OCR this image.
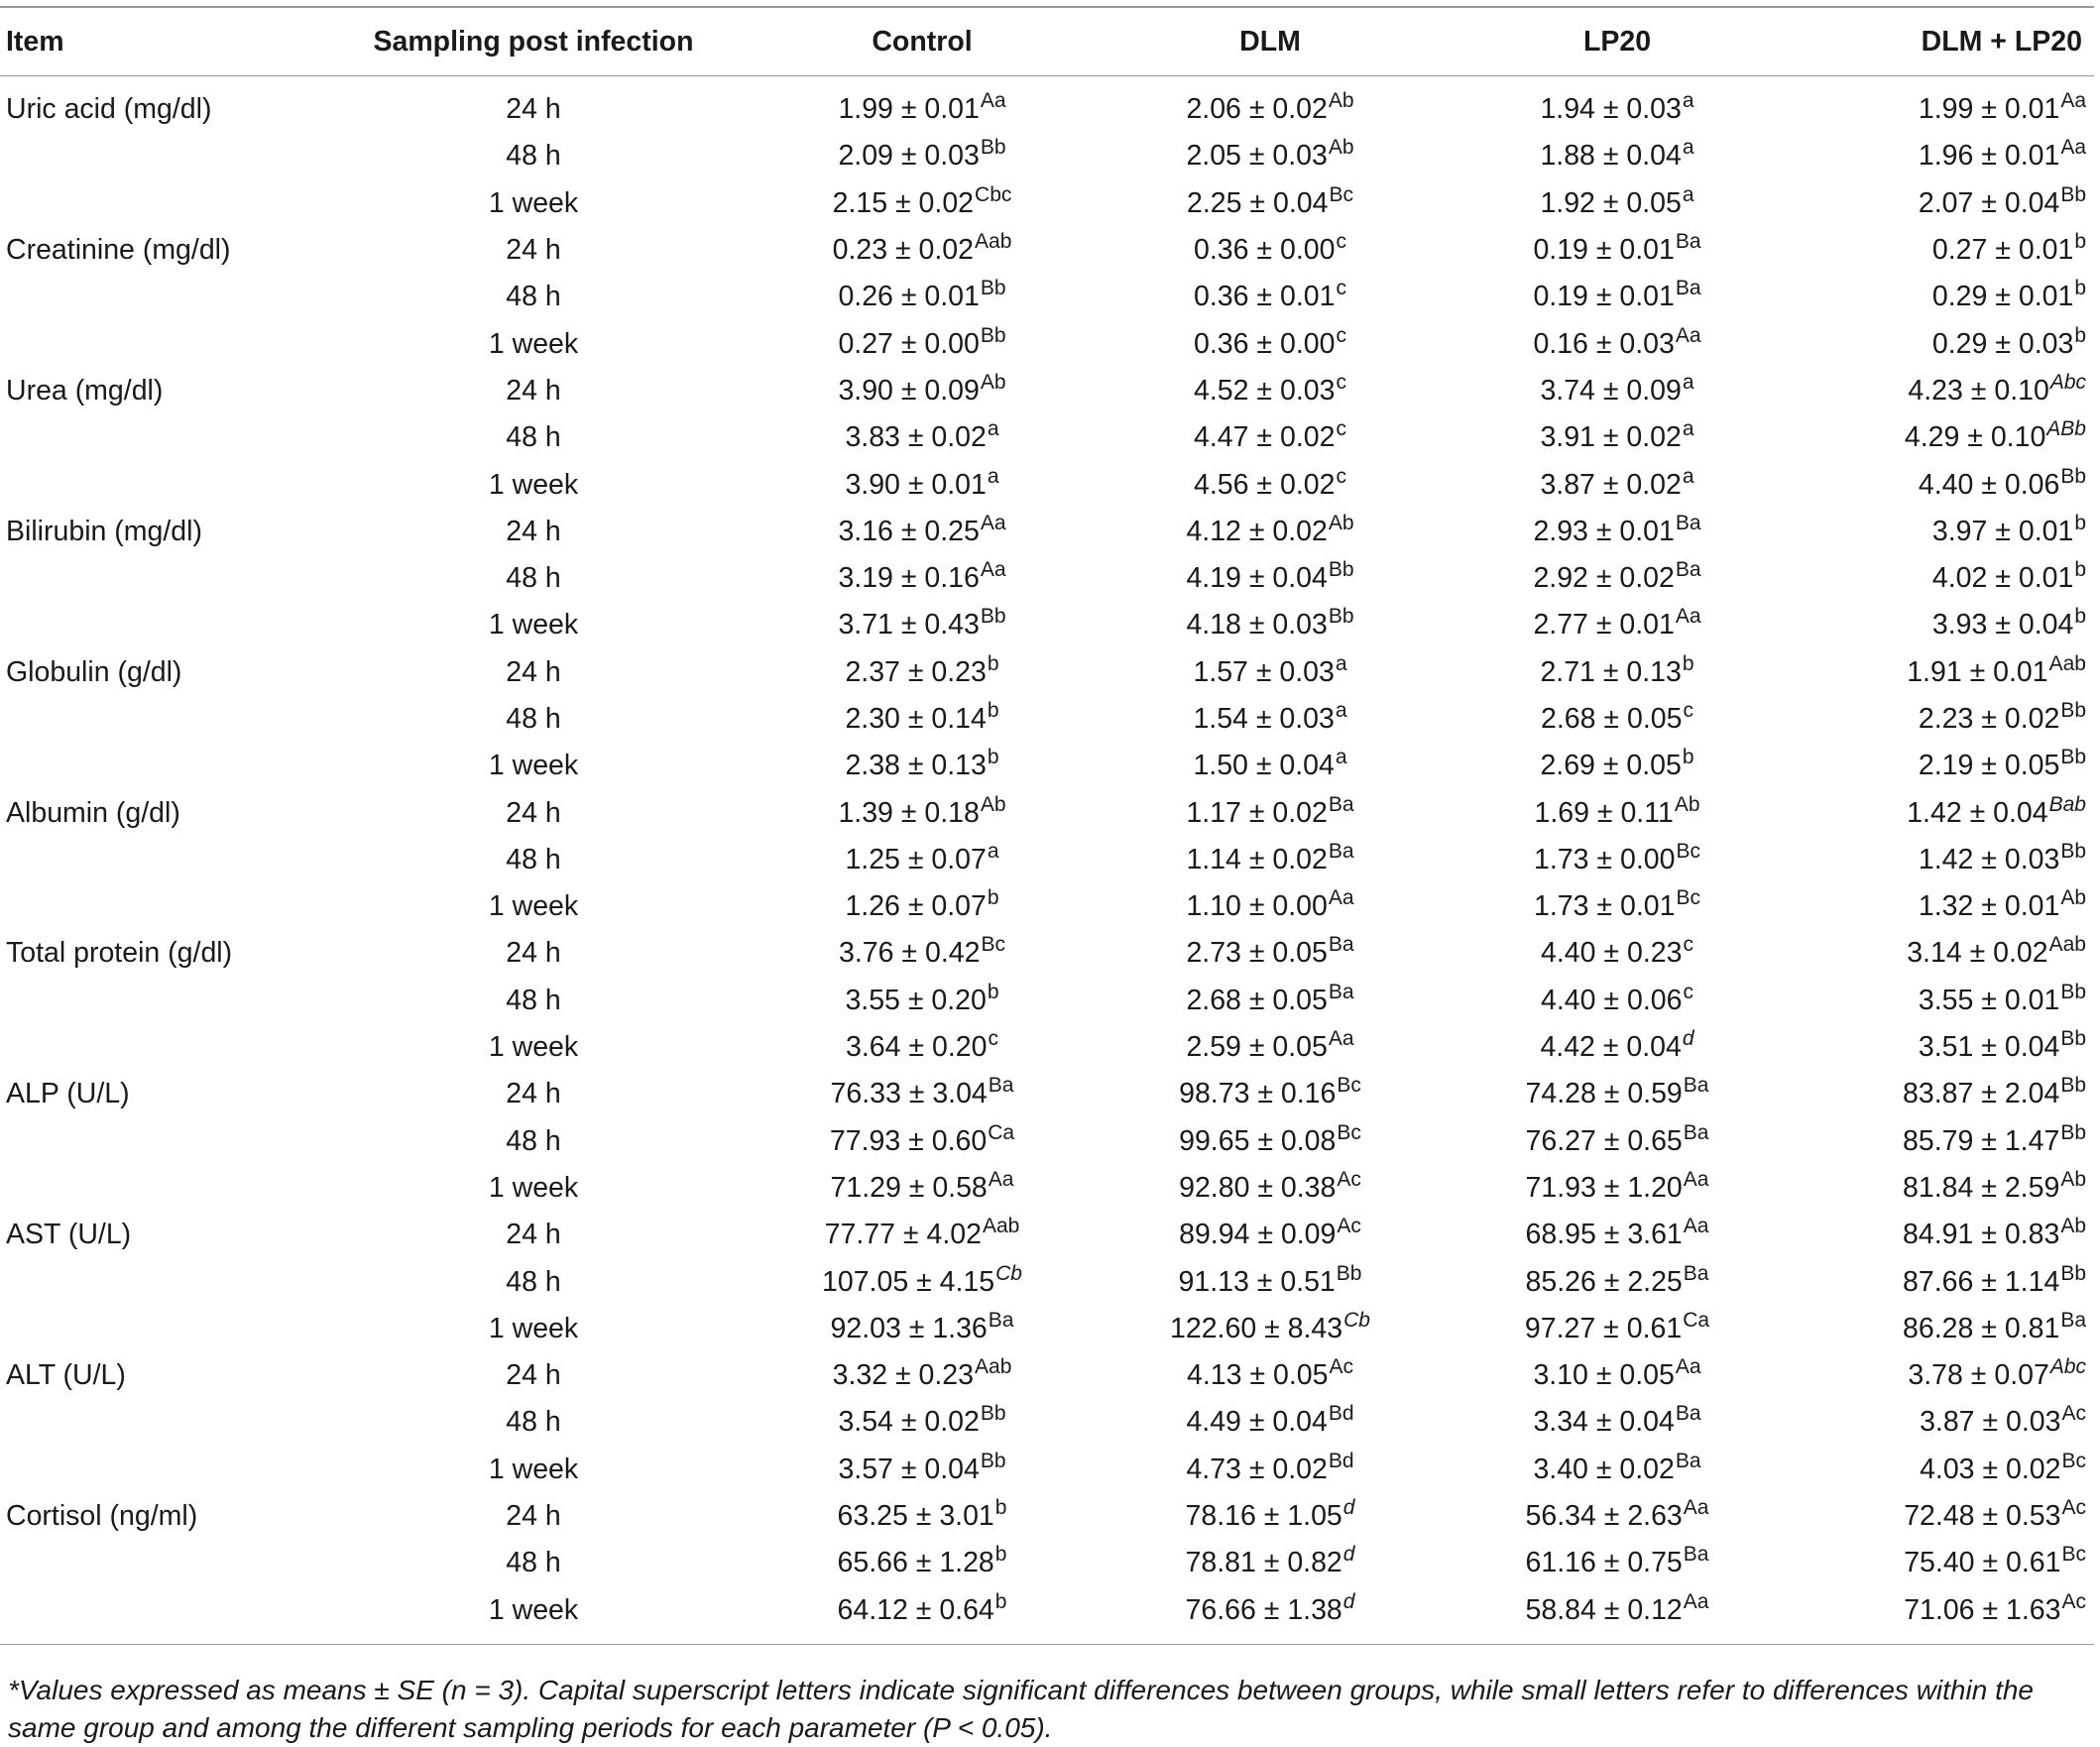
Item	Sampling post infection	Control	DLM	LP20	DLM + LP20
Uric acid (mg/dl)	24 h	$1.99 \pm 0.01^{Aa}$	$2.06 \pm 0.02^{Ab}$	1.94 ± 0.03$^a$	$1.99 \pm 0.01^{Aa}$
	48 h	$2.09 \pm 0.03^{Bb}$	$2.05 \pm 0.03^{Ab}$	1.88 ± 0.04$^a$	$1.96 \pm 0.01^{Aa}$
	1 week	$2.15 \pm 0.02^{Cbc}$	$2.25 \pm 0.04^{Bc}$	1.92 ± 0.05$^a$	$2.07 \pm 0.04^{Bb}$
Creatinine (mg/dl)	24 h	$0.23 \pm 0.02^{Aab}$	0.36 ± 0.00$^c$	$0.19 \pm 0.01^{Ba}$	0.27 ± 0.01$^b$
	48 h	$0.26 \pm 0.01^{Bb}$	0.36 ± 0.01$^c$	$0.19 \pm 0.01^{Ba}$	0.29 ± 0.01$^b$
	1 week	$0.27 \pm 0.00^{Bb}$	0.36 ± 0.00$^c$	$0.16 \pm 0.03^{Aa}$	0.29 ± 0.03$^b$
Urea (mg/dl)	24 h	$3.90 \pm 0.09^{Ab}$	4.52 ± 0.03$^c$	3.74 ± 0.09$^a$	$4.23 \pm 0.10^{Abc}$
	48 h	3.83 ± 0.02$^a$	4.47 ± 0.02$^c$	3.91 ± 0.02$^a$	$4.29 \pm 0.10^{ABb}$
	1 week	3.90 ± 0.01$^a$	4.56 ± 0.02$^c$	3.87 ± 0.02$^a$	$4.40 \pm 0.06^{Bb}$
Bilirubin (mg/dl)	24 h	$3.16 \pm 0.25^{Aa}$	$4.12 \pm 0.02^{Ab}$	$2.93 \pm 0.01^{Ba}$	3.97 ± 0.01$^b$
	48 h	$3.19 \pm 0.16^{Aa}$	$4.19 \pm 0.04^{Bb}$	$2.92 \pm 0.02^{Ba}$	4.02 ± 0.01$^b$
	1 week	$3.71 \pm 0.43^{Bb}$	$4.18 \pm 0.03^{Bb}$	$2.77 \pm 0.01^{Aa}$	3.93 ± 0.04$^b$
Globulin (g/dl)	24 h	2.37 ± 0.23$^b$	1.57 ± 0.03$^a$	2.71 ± 0.13$^b$	$1.91 \pm 0.01^{Aab}$
	48 h	2.30 ± 0.14$^b$	1.54 ± 0.03$^a$	2.68 ± 0.05$^c$	$2.23 \pm 0.02^{Bb}$
	1 week	2.38 ± 0.13$^b$	1.50 ± 0.04$^a$	2.69 ± 0.05$^b$	$2.19 \pm 0.05^{Bb}$
Albumin (g/dl)	24 h	$1.39 \pm 0.18^{Ab}$	$1.17 \pm 0.02^{Ba}$	$1.69 \pm 0.11^{Ab}$	$1.42 \pm 0.04^{Bab}$
	48 h	1.25 ± 0.07$^a$	$1.14 \pm 0.02^{Ba}$	$1.73 \pm 0.00^{Bc}$	$1.42 \pm 0.03^{Bb}$
	1 week	1.26 ± 0.07$^b$	$1.10 \pm 0.00^{Aa}$	$1.73 \pm 0.01^{Bc}$	$1.32 \pm 0.01^{Ab}$
Total protein (g/dl)	24 h	$3.76 \pm 0.42^{Bc}$	$2.73 \pm 0.05^{Ba}$	4.40 ± 0.23$^c$	$3.14 \pm 0.02^{Aab}$
	48 h	3.55 ± 0.20$^b$	$2.68 \pm 0.05^{Ba}$	4.40 ± 0.06$^c$	$3.55 \pm 0.01^{Bb}$
	1 week	3.64 ± 0.20$^c$	$2.59 \pm 0.05^{Aa}$	4.42 ± 0.04$^d$	$3.51 \pm 0.04^{Bb}$
ALP (U/L)	24 h	$76.33 \pm 3.04^{Ba}$	$98.73 \pm 0.16^{Bc}$	$74.28 \pm 0.59^{Ba}$	$83.87 \pm 2.04^{Bb}$
	48 h	$77.93 \pm 0.60^{Ca}$	$99.65 \pm 0.08^{Bc}$	$76.27 \pm 0.65^{Ba}$	$85.79 \pm 1.47^{Bb}$
	1 week	$71.29 \pm 0.58^{Aa}$	$92.80 \pm 0.38^{Ac}$	$71.93 \pm 1.20^{Aa}$	$81.84 \pm 2.59^{Ab}$
AST (U/L)	24 h	$77.77 \pm 4.02^{Aab}$	$89.94 \pm 0.09^{Ac}$	$68.95 \pm 3.61^{Aa}$	$84.91 \pm 0.83^{Ab}$
	48 h	$107.05 \pm 4.15^{Cb}$	$91.13 \pm 0.51^{Bb}$	$85.26 \pm 2.25^{Ba}$	$87.66 \pm 1.14^{Bb}$
	1 week	$92.03 \pm 1.36^{Ba}$	$122.60 \pm 8.43^{Cb}$	$97.27 \pm 0.61^{Ca}$	$86.28 \pm 0.81^{Ba}$
ALT (U/L)	24 h	$3.32 \pm 0.23^{Aab}$	$4.13 \pm 0.05^{Ac}$	$3.10 \pm 0.05^{Aa}$	$3.78 \pm 0.07^{Abc}$
	48 h	$3.54 \pm 0.02^{Bb}$	$4.49 \pm 0.04^{Bd}$	$3.34 \pm 0.04^{Ba}$	$3.87 \pm 0.03^{Ac}$
	1 week	$3.57 \pm 0.04^{Bb}$	$4.73 \pm 0.02^{Bd}$	$3.40 \pm 0.02^{Ba}$	$4.03 \pm 0.02^{Bc}$
Cortisol (ng/ml)	24 h	63.25 ± 3.01$^b$	78.16 ± 1.05$^d$	$56.34 \pm 2.63^{Aa}$	$72.48 \pm 0.53^{Ac}$
	48 h	65.66 ± 1.28$^b$	78.81 ± 0.82$^d$	$61.16 \pm 0.75^{Ba}$	$75.40 \pm 0.61^{Bc}$
	1 week	64.12 ± 0.64$^b$	76.66 ± 1.38$^d$	$58.84 \pm 0.12^{Aa}$	$71.06 \pm 1.63^{Ac}$

*Values expressed as means ± SE (n = 3). Capital superscript letters indicate significant differences between groups, while small letters refer to differences within the same group and among the different sampling periods for each parameter (P < 0.05).
